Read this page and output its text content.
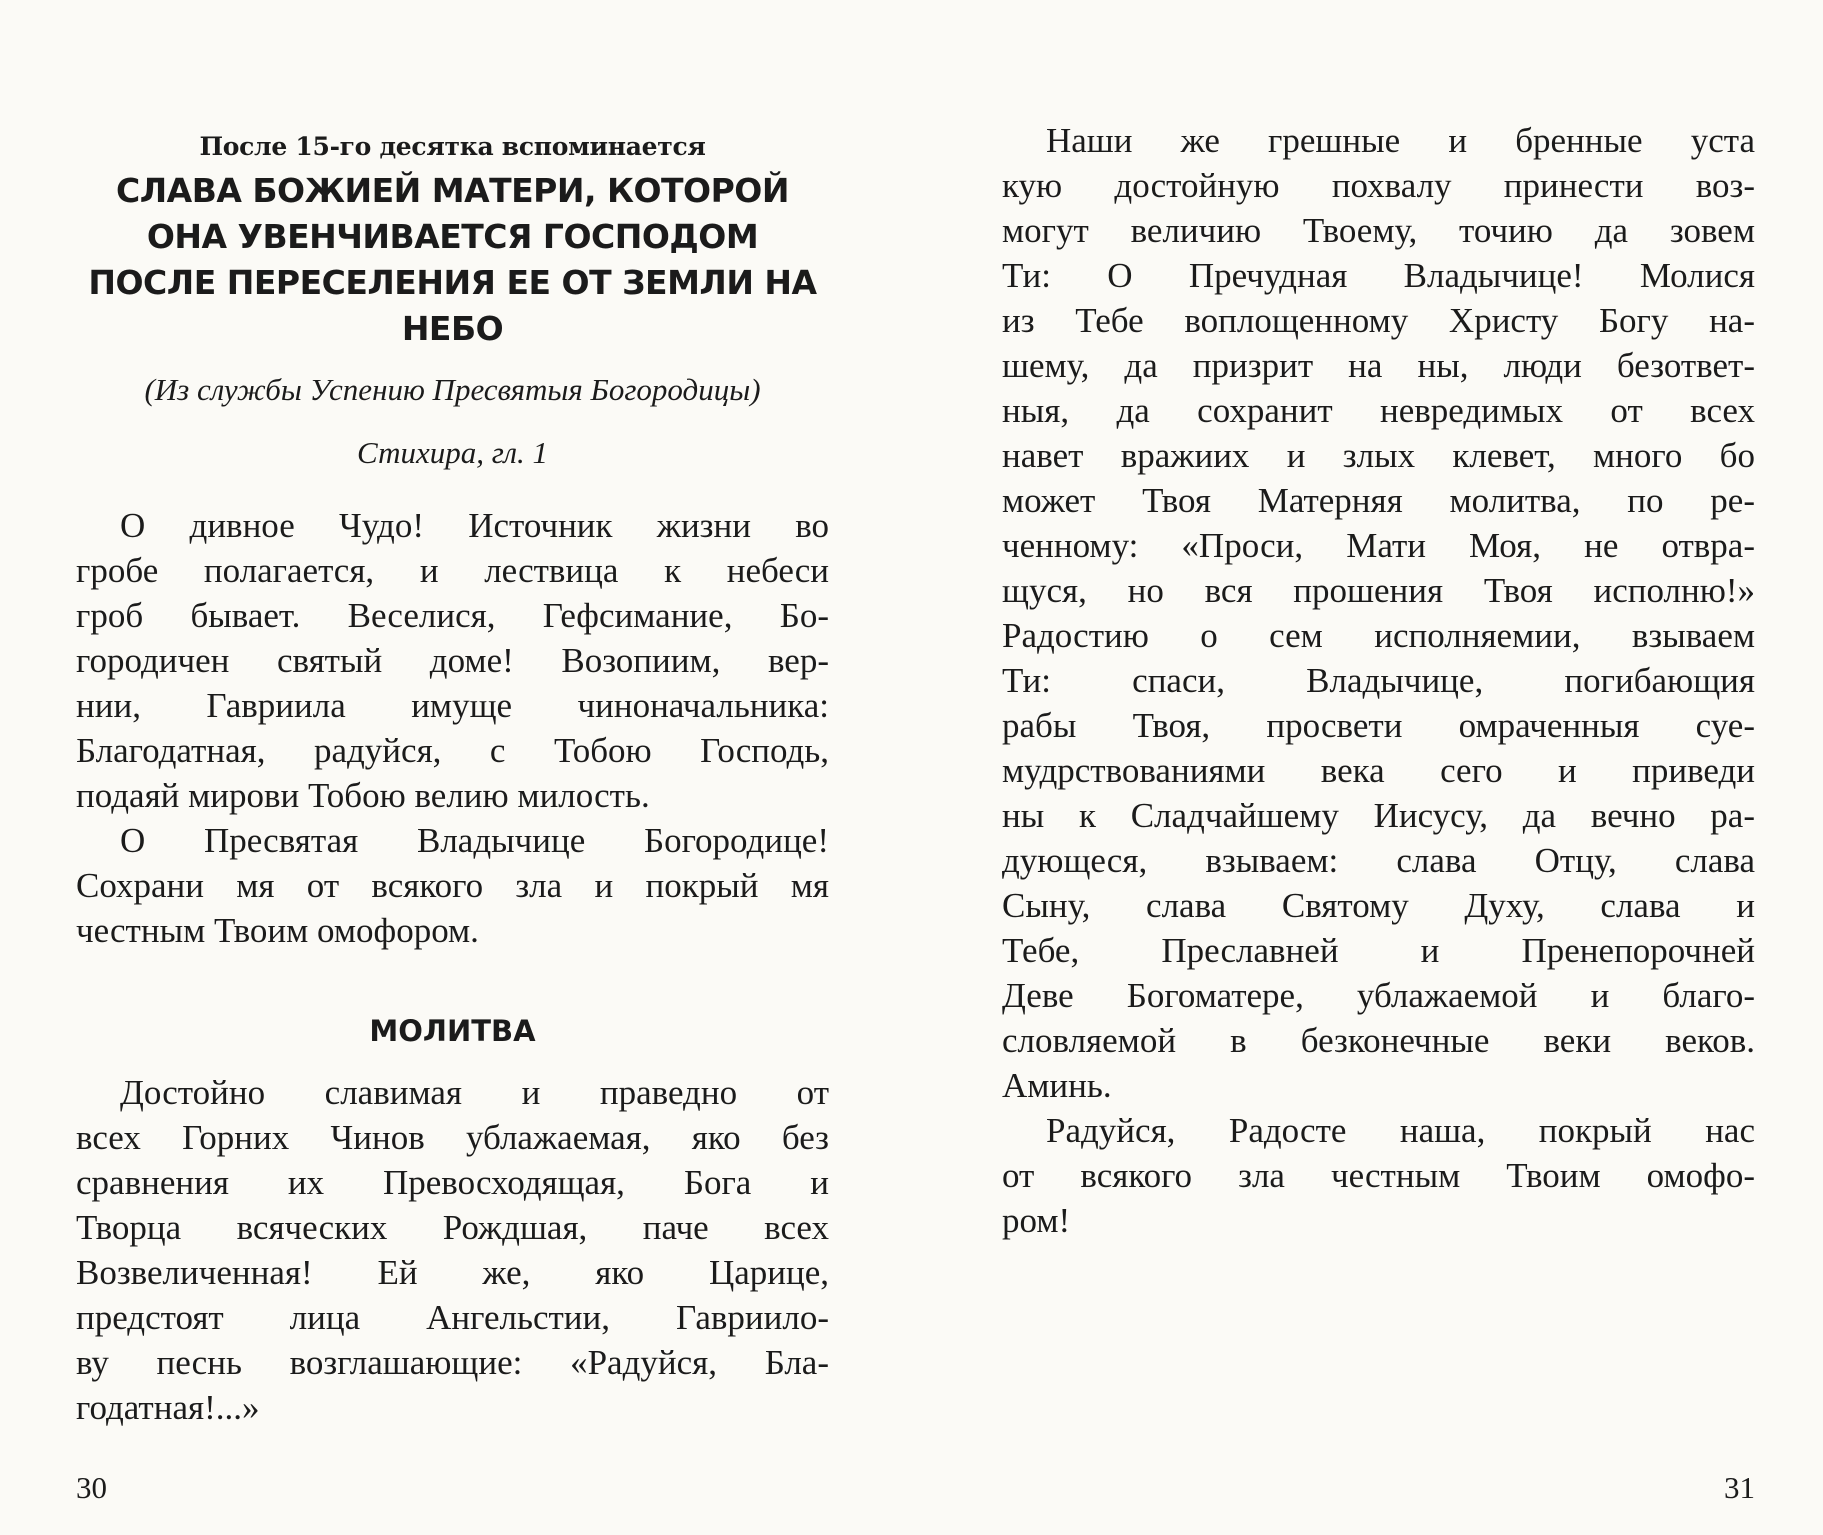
После 15-го десятка вспоминается
СЛАВА БОЖИЕЙ МАТЕРИ, КОТОРОЙ
ОНА УВЕНЧИВАЕТСЯ ГОСПОДОМ
ПОСЛЕ ПЕРЕСЕЛЕНИЯ ЕЕ ОТ ЗЕМЛИ НА
НЕБО
(Из службы Успению Пресвятыя Богородицы)
Стихира, гл. 1
О дивное Чудо! Источник жизни во
гробе полагается, и лествица к небеси
гроб бывает. Веселися, Гефсимание, Бо-
городичен святый доме! Возопиим, вер-
нии, Гавриила имуще чиноначальника:
Благодатная, радуйся, с Тобою Господь,
подаяй мирови Тобою велию милость.
О Пресвятая Владычице Богородице!
Сохрани мя от всякого зла и покрый мя
честным Твоим омофором.
МОЛИТВА
Достойно славимая и праведно от
всех Горних Чинов ублажаемая, яко без
сравнения их Превосходящая, Бога и
Творца всяческих Рождшая, паче всех
Возвеличенная! Ей же, яко Царице,
предстоят лица Ангельстии, Гавриило-
ву песнь возглашающие: «Радуйся, Бла-
годатная!...»
30
Наши же грешные и бренные уста
кую достойную похвалу принести воз-
могут величию Твоему, точию да зовем
Ти: О Пречудная Владычице! Молися
из Тебе воплощенному Христу Богу на-
шему, да призрит на ны, люди безответ-
ныя, да сохранит невредимых от всех
навет вражиих и злых клевет, много бо
может Твоя Матерняя молитва, по ре-
ченному: «Проси, Мати Моя, не отвра-
щуся, но вся прошения Твоя исполню!»
Радостию о сем исполняемии, взываем
Ти: спаси, Владычице, погибающия
рабы Твоя, просвети омраченныя суе-
мудрствованиями века сего и приведи
ны к Сладчайшему Иисусу, да вечно ра-
дующеся, взываем: слава Отцу, слава
Сыну, слава Святому Духу, слава и
Тебе, Преславней и Пренепорочней
Деве Богоматере, ублажаемой и благо-
словляемой в безконечные веки веков.
Аминь.
Радуйся, Радосте наша, покрый нас
от всякого зла честным Твоим омофо-
ром!
31
